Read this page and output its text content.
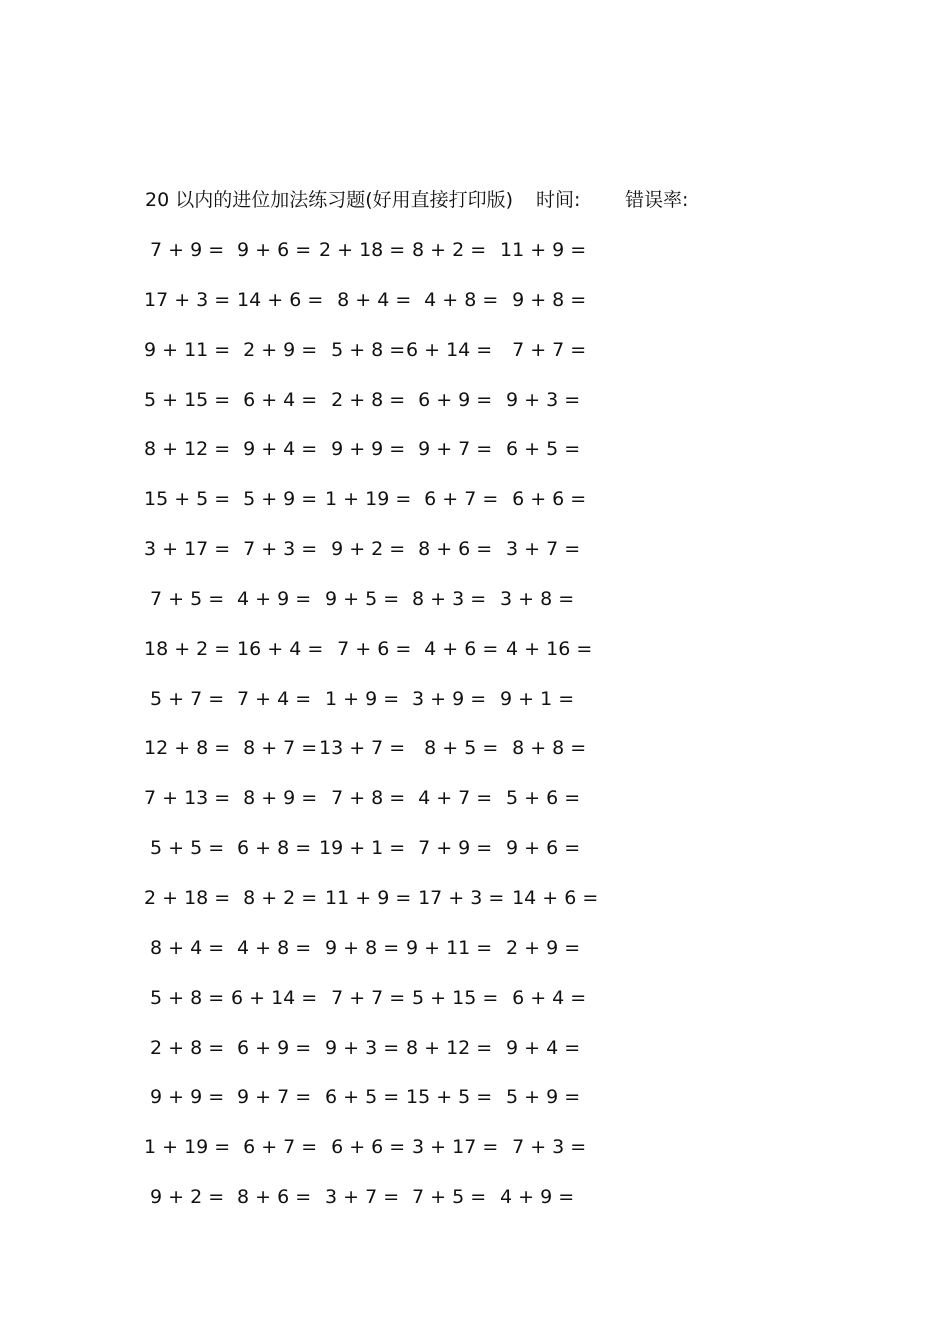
20 以内的进位加法练习题(好用直接打印版) 时间: 错误率:
7 + 9 = 9 + 6 = 2 + 18 = 8 + 2 = 11 + 9 =
17 + 3 = 14 + 6 =
8 + 4 =
4 + 8 = 9 + 8 =
9 + 11 = 2 + 9 = 5 + 8 = 6 + 14 = 7 + 7 =
5 + 15 = 6 + 4 = 2 + 8 = 6 + 9 = 9 + 3 =
8 + 12 = 9 + 4 = 9 + 9 = 9 + 7 = 6 + 5 =
15 + 5 = 5 + 9 = 1 + 19 =
6 + 7 = 6 + 6 =
3 + 17 = 7 + 3 = 9 + 2 = 8 + 6 = 3 + 7 =
7 + 5 = 4 + 9 = 9 + 5 = 8 + 3 = 3 + 8 =
18 + 2 = 16 + 4 =
7 + 6 =
4 + 6 = 4 + 16 =
5 + 7 = 7 + 4 = 1 + 9 = 3 + 9 = 9 + 1 =
12 + 8 = 8 + 7 = 13 + 7 = 8 + 5 = 8 + 8 =
7 + 13 = 8 + 9 = 7 + 8 = 4 + 7 = 5 + 6 =
5 + 5 = 6 + 8 = 19 + 1 = 7 + 9 = 9 + 6 =
2 + 18 = 8 + 2 = 11 + 9 =
17 + 3 =
14 + 6 =
8 + 4 = 4 + 8 = 9 + 8 = 9 + 11 = 2 + 9 =
5 + 8 = 6 + 14 = 7 + 7 = 5 + 15 = 6 + 4 =
2 + 8 = 6 + 9 = 9 + 3 = 8 + 12 = 9 + 4 =
9 + 9 = 9 + 7 = 6 + 5 = 15 + 5 = 5 + 9 =
1 + 19 = 6 + 7 = 6 + 6 = 3 + 17 = 7 + 3 =
9 + 2 = 8 + 6 = 3 + 7 = 7 + 5 = 4 + 9 =
